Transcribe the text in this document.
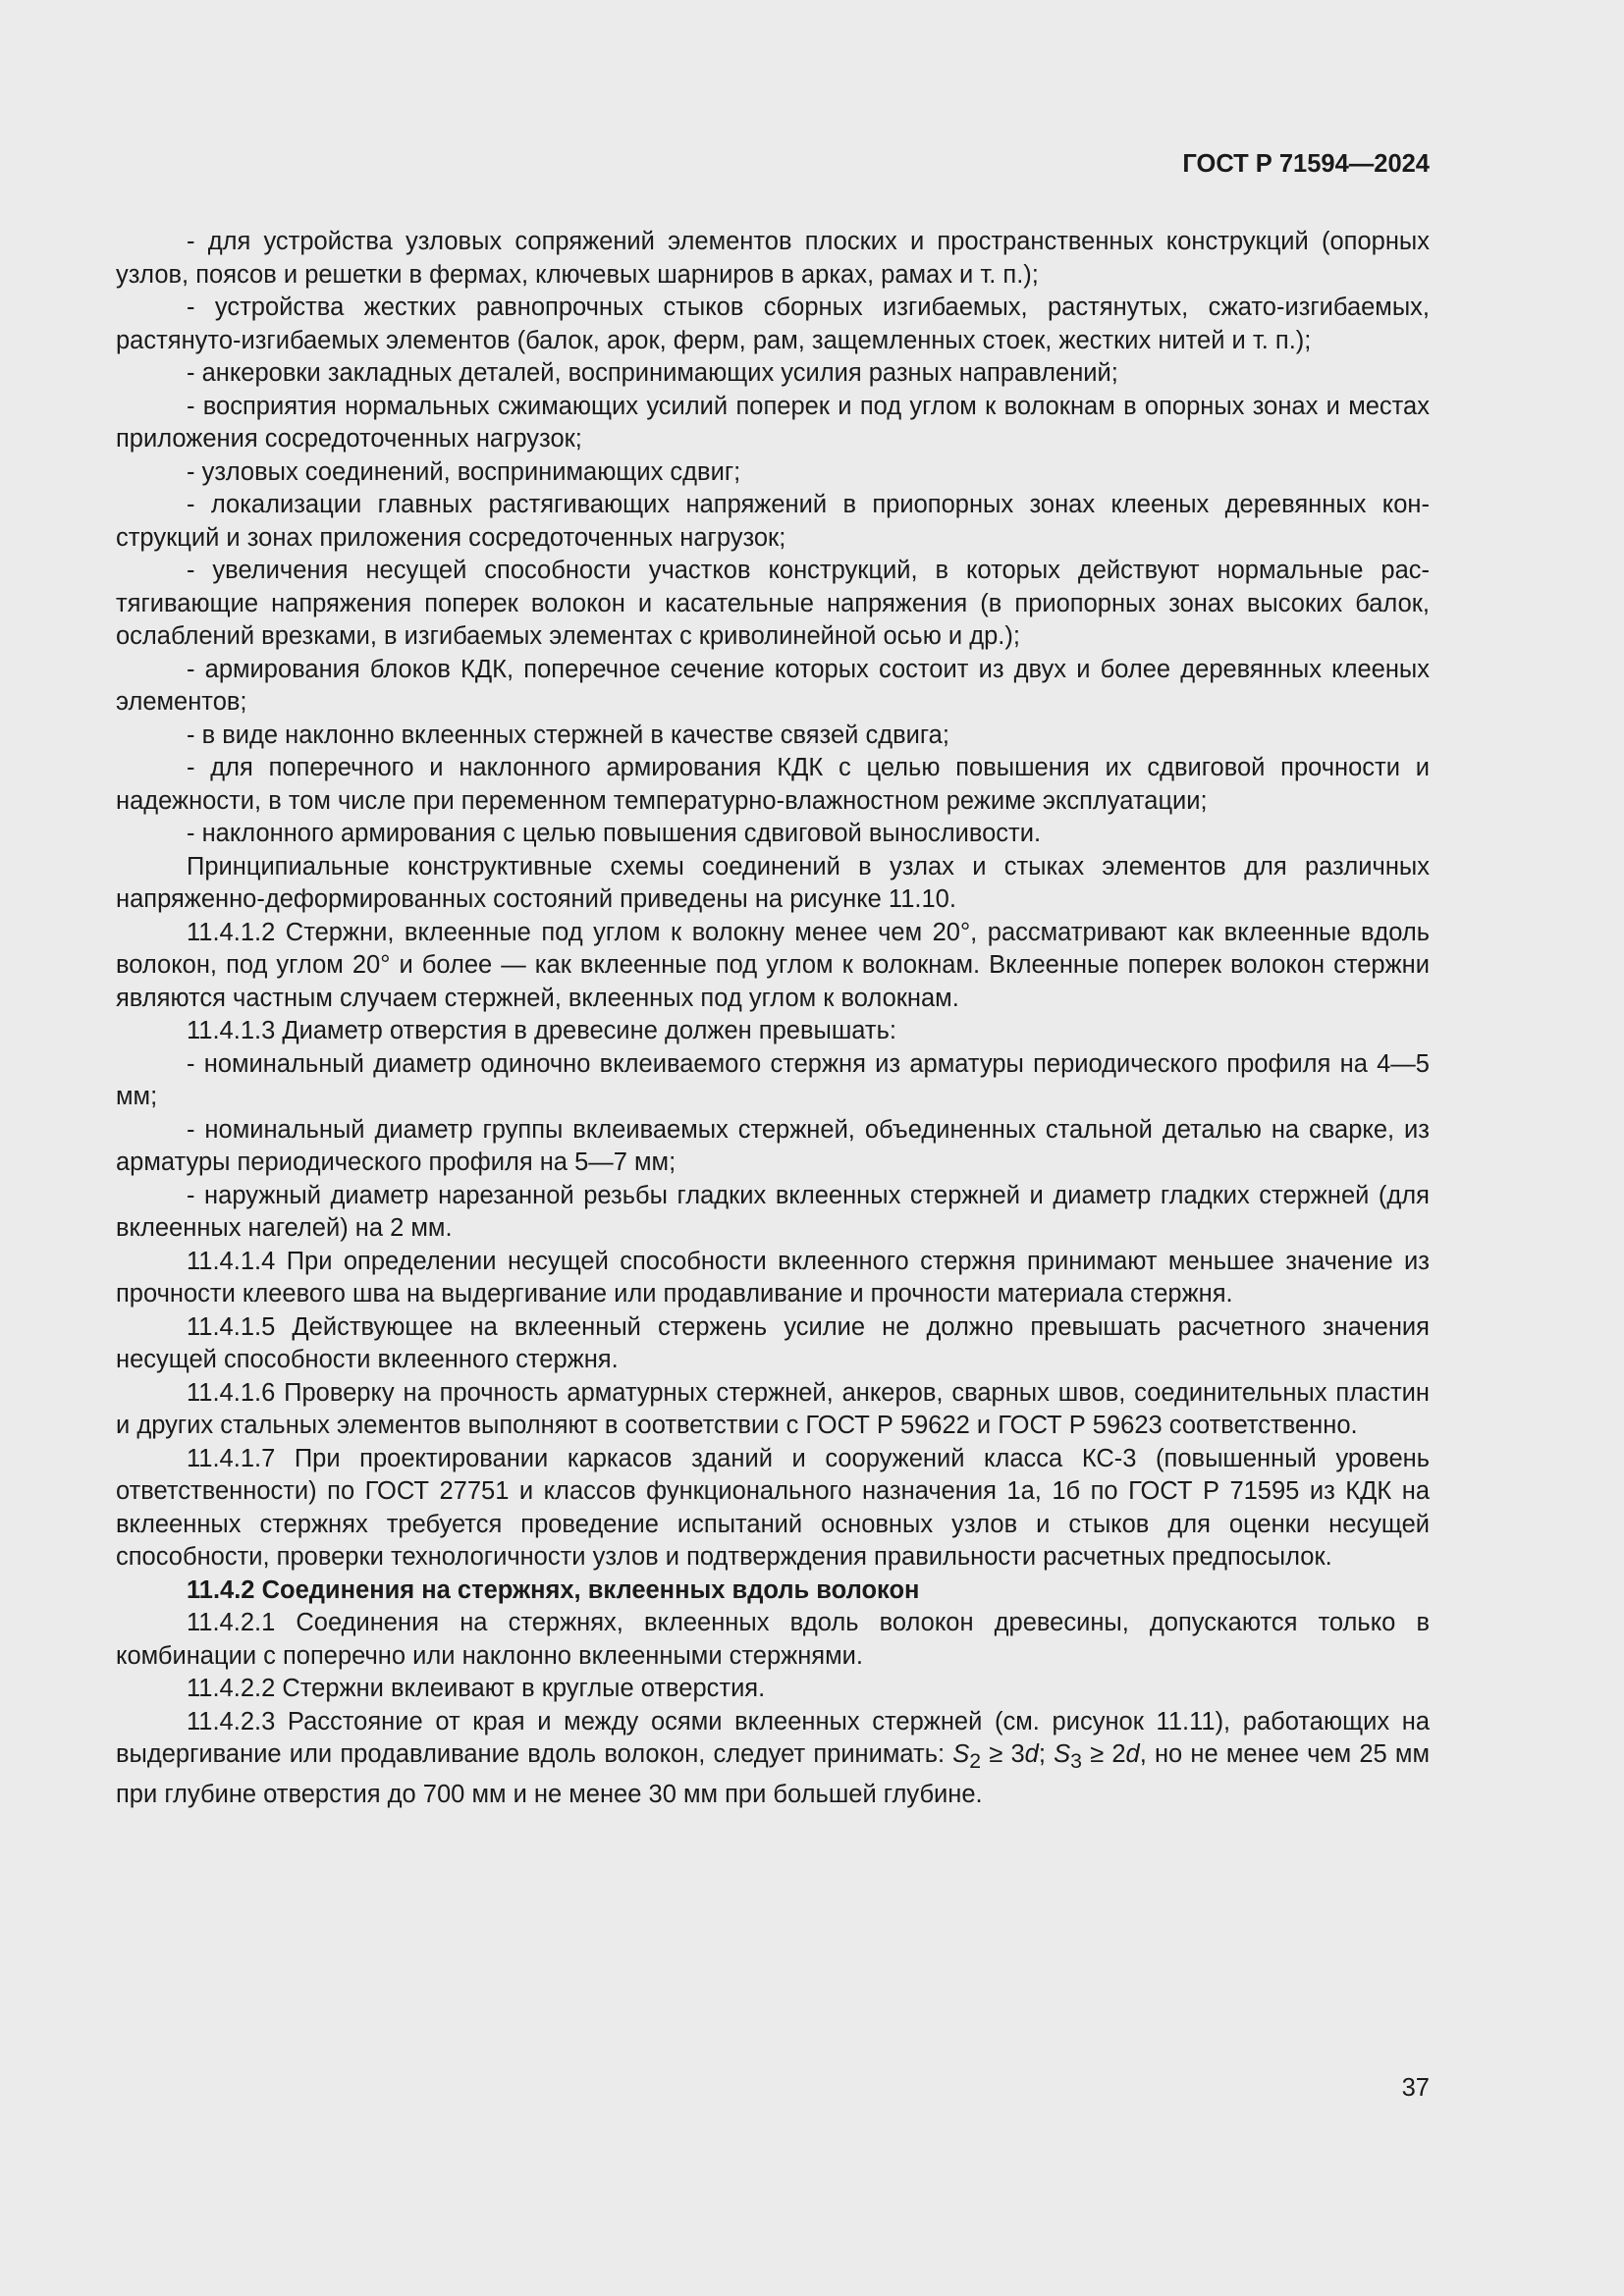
ГОСТ Р 71594—2024

- для устройства узловых сопряжений элементов плоских и пространственных конструкций (опорных узлов, поясов и решетки в фермах, ключевых шарниров в арках, рамах и т. п.);

- устройства жестких равнопрочных стыков сборных изгибаемых, растянутых, сжато-изгибаемых, растянуто-изгибаемых элементов (балок, арок, ферм, рам, защемленных стоек, жестких нитей и т. п.);

- анкеровки закладных деталей, воспринимающих усилия разных направлений;

- восприятия нормальных сжимающих усилий поперек и под углом к волокнам в опорных зонах и местах приложения сосредоточенных нагрузок;

- узловых соединений, воспринимающих сдвиг;

- локализации главных растягивающих напряжений в приопорных зонах клееных деревянных конструкций и зонах приложения сосредоточенных нагрузок;

- увеличения несущей способности участков конструкций, в которых действуют нормальные растягивающие напряжения поперек волокон и касательные напряжения (в приопорных зонах высоких балок, ослаблений врезками, в изгибаемых элементах с криволинейной осью и др.);

- армирования блоков КДК, поперечное сечение которых состоит из двух и более деревянных клееных элементов;

- в виде наклонно вклеенных стержней в качестве связей сдвига;

- для поперечного и наклонного армирования КДК с целью повышения их сдвиговой прочности и надежности, в том числе при переменном температурно-влажностном режиме эксплуатации;

- наклонного армирования с целью повышения сдвиговой выносливости.

Принципиальные конструктивные схемы соединений в узлах и стыках элементов для различных напряженно-деформированных состояний приведены на рисунке 11.10.

11.4.1.2 Стержни, вклеенные под углом к волокну менее чем 20°, рассматривают как вклеенные вдоль волокон, под углом 20° и более — как вклеенные под углом к волокнам. Вклеенные поперек волокон стержни являются частным случаем стержней, вклеенных под углом к волокнам.

11.4.1.3 Диаметр отверстия в древесине должен превышать:

- номинальный диаметр одиночно вклеиваемого стержня из арматуры периодического профиля на 4—5 мм;

- номинальный диаметр группы вклеиваемых стержней, объединенных стальной деталью на сварке, из арматуры периодического профиля на 5—7 мм;

- наружный диаметр нарезанной резьбы гладких вклеенных стержней и диаметр гладких стержней (для вклеенных нагелей) на 2 мм.

11.4.1.4 При определении несущей способности вклеенного стержня принимают меньшее значение из прочности клеевого шва на выдергивание или продавливание и прочности материала стержня.

11.4.1.5 Действующее на вклеенный стержень усилие не должно превышать расчетного значения несущей способности вклеенного стержня.

11.4.1.6 Проверку на прочность арматурных стержней, анкеров, сварных швов, соединительных пластин и других стальных элементов выполняют в соответствии с ГОСТ Р 59622 и ГОСТ Р 59623 соответственно.

11.4.1.7 При проектировании каркасов зданий и сооружений класса КС-3 (повышенный уровень ответственности) по ГОСТ 27751 и классов функционального назначения 1а, 1б по ГОСТ Р 71595 из КДК на вклеенных стержнях требуется проведение испытаний основных узлов и стыков для оценки несущей способности, проверки технологичности узлов и подтверждения правильности расчетных предпосылок.

11.4.2 Соединения на стержнях, вклеенных вдоль волокон

11.4.2.1 Соединения на стержнях, вклеенных вдоль волокон древесины, допускаются только в комбинации с поперечно или наклонно вклеенными стержнями.

11.4.2.2 Стержни вклеивают в круглые отверстия.

11.4.2.3 Расстояние от края и между осями вклеенных стержней (см. рисунок 11.11), работающих на выдергивание или продавливание вдоль волокон, следует принимать: $S_2 \ge 3d$; $S_3 \ge 2d$, но не менее чем 25 мм при глубине отверстия до 700 мм и не менее 30 мм при большей глубине.

37
